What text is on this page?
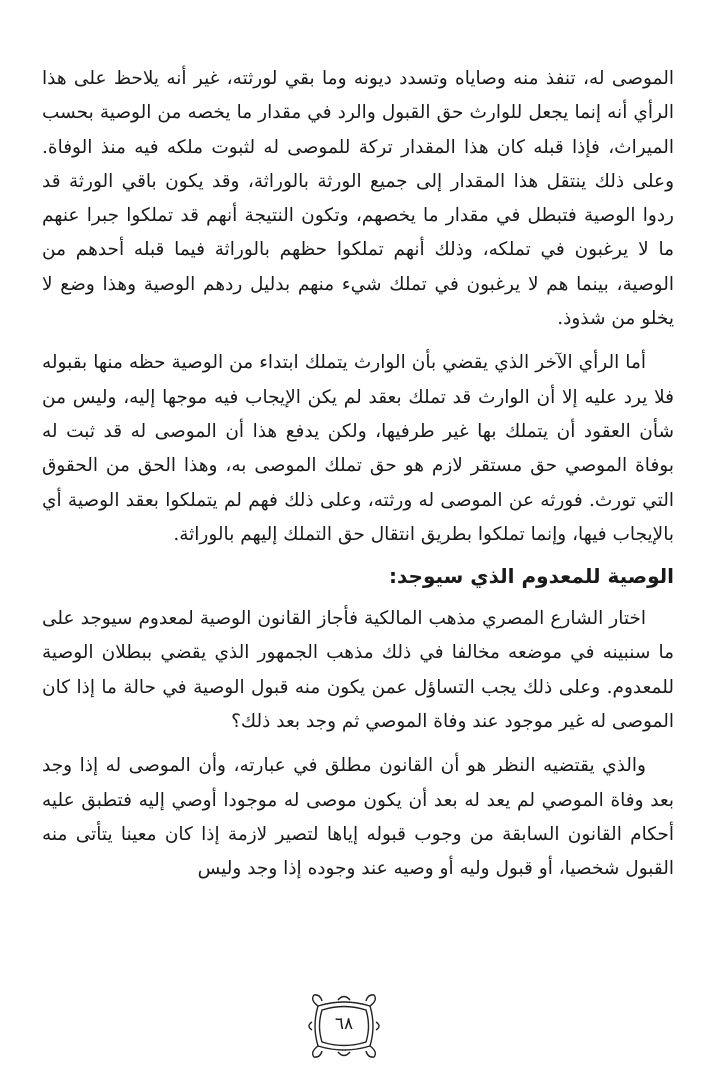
الموصى له، تنفذ منه وصاياه وتسدد ديونه وما بقي لورثته، غير أنه يلاحظ على هذا الرأي أنه إنما يجعل للوارث حق القبول والرد في مقدار ما يخصه من الوصية بحسب الميراث، فإذا قبله كان هذا المقدار تركة للموصى له لثبوت ملكه فيه منذ الوفاة. وعلى ذلك ينتقل هذا المقدار إلى جميع الورثة بالوراثة، وقد يكون باقي الورثة قد ردوا الوصية فتبطل في مقدار ما يخصهم، وتكون النتيجة أنهم قد تملكوا جبرا عنهم ما لا يرغبون في تملكه، وذلك أنهم تملكوا حظهم بالوراثة فيما قبله أحدهم من الوصية، بينما هم لا يرغبون في تملك شيء منهم بدليل ردهم الوصية وهذا وضع لا يخلو من شذوذ.

أما الرأي الآخر الذي يقضي بأن الوارث يتملك ابتداء من الوصية حظه منها بقبوله فلا يرد عليه إلا أن الوارث قد تملك بعقد لم يكن الإيجاب فيه موجها إليه، وليس من شأن العقود أن يتملك بها غير طرفيها، ولكن يدفع هذا أن الموصى له قد ثبت له بوفاة الموصي حق مستقر لازم هو حق تملك الموصى به، وهذا الحق من الحقوق التي تورث. فورثه عن الموصى له ورثته، وعلى ذلك فهم لم يتملكوا بعقد الوصية أي بالإيجاب فيها، وإنما تملكوا بطريق انتقال حق التملك إليهم بالوراثة.

الوصية للمعدوم الذي سيوجد:

اختار الشارع المصري مذهب المالكية فأجاز القانون الوصية لمعدوم سيوجد على ما سنبينه في موضعه مخالفا في ذلك مذهب الجمهور الذي يقضي ببطلان الوصية للمعدوم. وعلى ذلك يجب التساؤل عمن يكون منه قبول الوصية في حالة ما إذا كان الموصى له غير موجود عند وفاة الموصي ثم وجد بعد ذلك؟

والذي يقتضيه النظر هو أن القانون مطلق في عبارته، وأن الموصى له إذا وجد بعد وفاة الموصي لم يعد له بعد أن يكون موصى له موجودا أوصي إليه فتطبق عليه أحكام القانون السابقة من وجوب قبوله إياها لتصير لازمة إذا كان معينا يتأتى منه القبول شخصيا، أو قبول وليه أو وصيه عند وجوده إذا وجد وليس

٦٨
